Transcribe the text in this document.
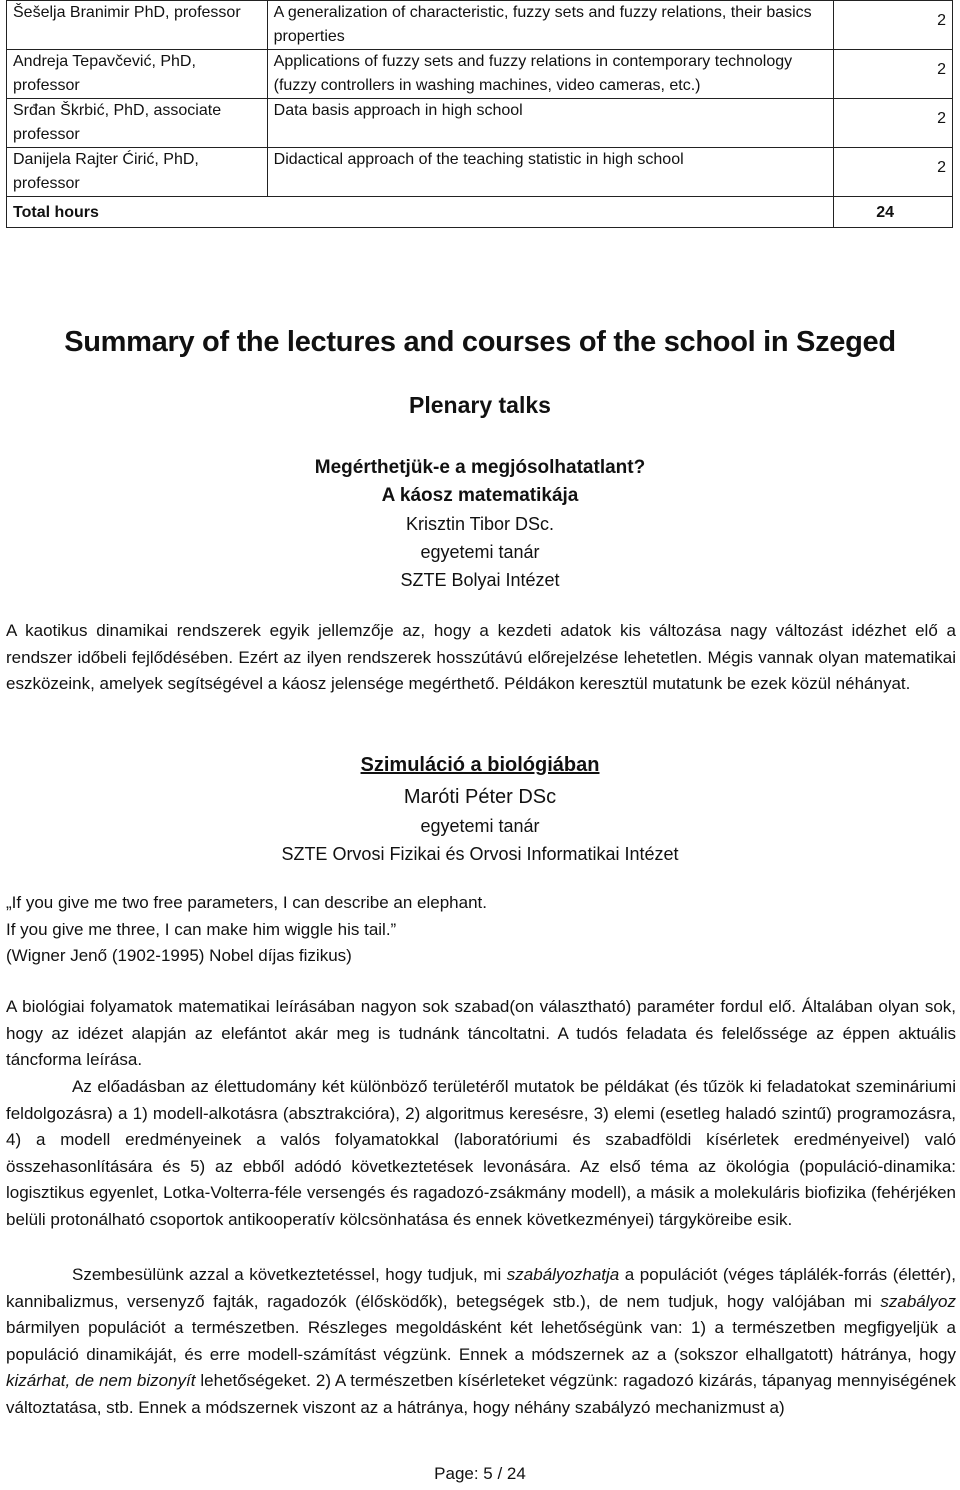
Šešelja Branimir PhD, professor	A generalization of characteristic, fuzzy sets and fuzzy relations, their basics properties	2
Andreja Tepavčević, PhD, professor	Applications of fuzzy sets and fuzzy relations in contemporary technology (fuzzy controllers in washing machines, video cameras, etc.)	2
Srđan Škrbić, PhD, associate professor	Data basis approach in high school	2
Danijela Rajter Ćirić, PhD, professor	Didactical approach of the teaching statistic in high school	2
Total hours		24
Summary of the lectures and courses of the school in Szeged
Plenary talks
Megérthetjük-e a megjósolhatatlant?
A káosz matematikája
Krisztin Tibor DSc.
egyetemi tanár
SZTE Bolyai Intézet

A kaotikus dinamikai rendszerek egyik jellemzője az, hogy a kezdeti adatok kis változása nagy változást idézhet elő a rendszer időbeli fejlődésében. Ezért az ilyen rendszerek hosszútávú előrejelzése lehetetlen. Mégis vannak olyan matematikai eszközeink, amelyek segítségével a káosz jelensége megérthető. Példákon keresztül mutatunk be ezek közül néhányat.

Szimuláció a biológiában
Maróti Péter DSc
egyetemi tanár
SZTE Orvosi Fizikai és Orvosi Informatikai Intézet
„If you give me two free parameters, I can describe an elephant.
If you give me three, I can make him wiggle his tail.”
(Wigner Jenő (1902-1995) Nobel díjas fizikus)

A biológiai folyamatok matematikai leírásában nagyon sok szabad(on választható) paraméter fordul elő. Általában olyan sok, hogy az idézet alapján az elefántot akár meg is tudnánk táncoltatni. A tudós feladata és felelőssége az éppen aktuális táncforma leírása.

Az előadásban az élettudomány két különböző területéről mutatok be példákat (és tűzök ki feladatokat szemináriumi feldolgozásra) a 1) modell-alkotásra (absztrakcióra), 2) algoritmus keresésre, 3) elemi (esetleg haladó szintű) programozásra, 4) a modell eredményeinek a valós folyamatokkal (laboratóriumi és szabadföldi kísérletek eredményeivel) való összehasonlítására és 5) az ebből adódó következtetések levonására. Az első téma az ökológia (populáció-dinamika: logisztikus egyenlet, Lotka-Volterra-féle versengés és ragadozó-zsákmány modell), a másik a molekuláris biofizika (fehérjéken belüli protonálható csoportok antikooperatív kölcsönhatása és ennek következményei) tárgyköreibe esik.

Szembesülünk azzal a következtetéssel, hogy tudjuk, mi szabályozhatja a populációt (véges táplálék-forrás (élettér), kannibalizmus, versenyző fajták, ragadozók (élősködők), betegségek stb.), de nem tudjuk, hogy valójában mi szabályoz bármilyen populációt a természetben. Részleges megoldásként két lehetőségünk van: 1) a természetben megfigyeljük a populáció dinamikáját, és erre modell-számítást végzünk. Ennek a módszernek az a (sokszor elhallgatott) hátránya, hogy kizárhat, de nem bizonyít lehetőségeket. 2) A természetben kísérleteket végzünk: ragadozó kizárás, tápanyag mennyiségének változtatása, stb. Ennek a módszernek viszont az a hátránya, hogy néhány szabályzó mechanizmust a)

Page: 5 / 24
